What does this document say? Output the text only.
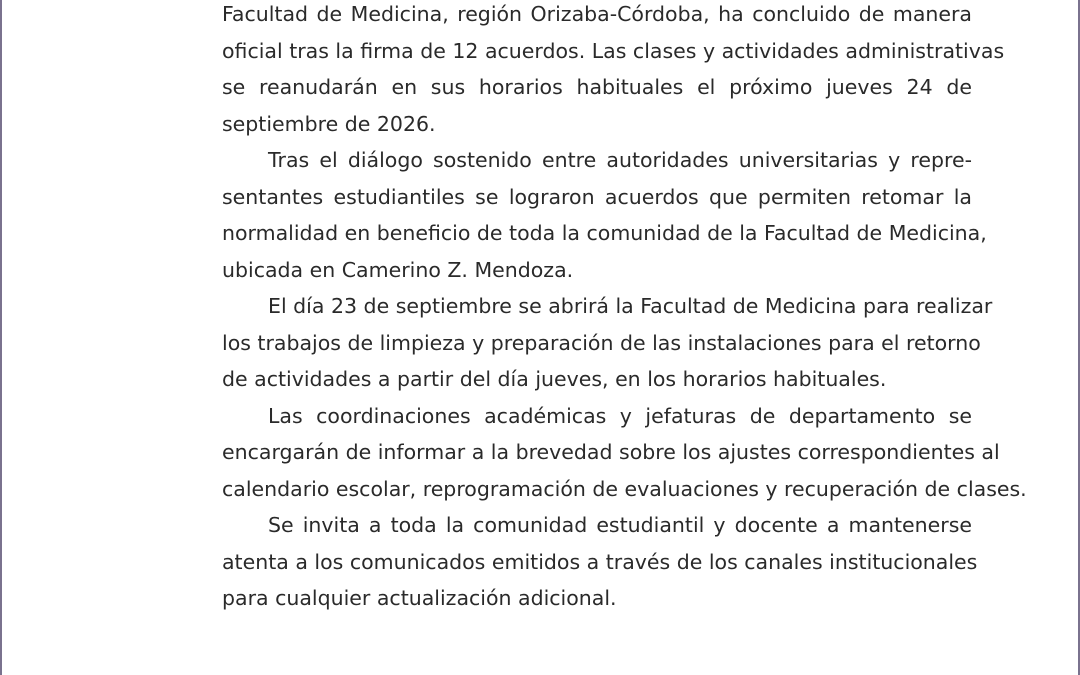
Facultad de Medicina, región Orizaba-Córdoba, ha concluido de manera
oficial tras la firma de 12 acuerdos. Las clases y actividades administrativas
se reanudarán en sus horarios habituales el próximo jueves 24 de
septiembre de 2026.

Tras el diálogo sostenido entre autoridades universitarias y repre-
sentantes estudiantiles se lograron acuerdos que permiten retomar la
normalidad en beneficio de toda la comunidad de la Facultad de Medicina,
ubicada en Camerino Z. Mendoza.

El día 23 de septiembre se abrirá la Facultad de Medicina para realizar
los trabajos de limpieza y preparación de las instalaciones para el retorno
de actividades a partir del día jueves, en los horarios habituales.

Las coordinaciones académicas y jefaturas de departamento se
encargarán de informar a la brevedad sobre los ajustes correspondientes al
calendario escolar, reprogramación de evaluaciones y recuperación de clases.

Se invita a toda la comunidad estudiantil y docente a mantenerse
atenta a los comunicados emitidos a través de los canales institucionales
para cualquier actualización adicional.
